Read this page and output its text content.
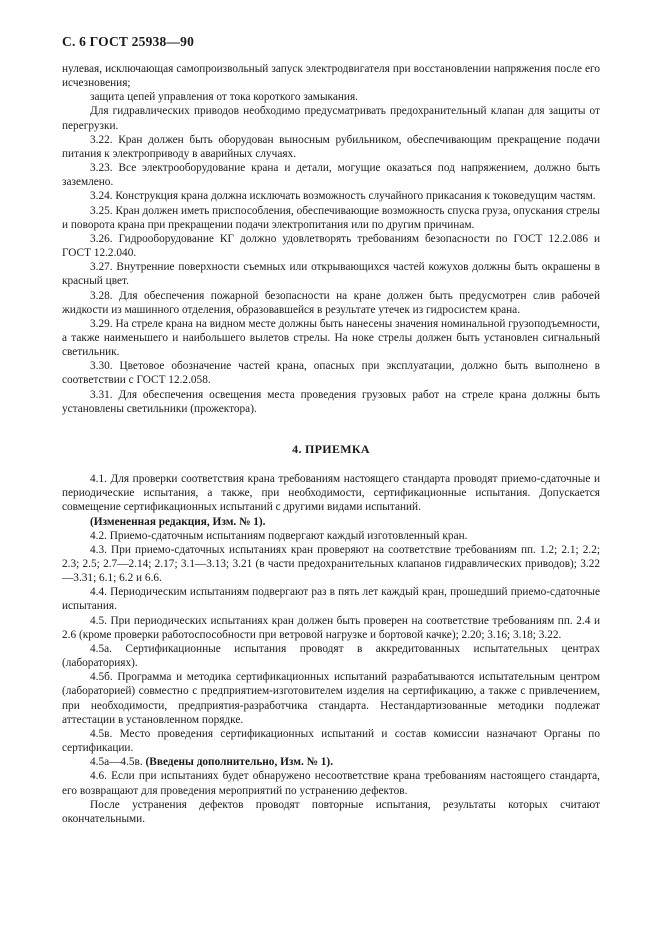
С. 6 ГОСТ 25938—90

нулевая, исключающая самопроизвольный запуск электродвигателя при восстановлении напряжения после его исчезновения;

защита цепей управления от тока короткого замыкания.

Для гидравлических приводов необходимо предусматривать предохранительный клапан для защиты от перегрузки.

3.22. Кран должен быть оборудован выносным рубильником, обеспечивающим прекращение подачи питания к электроприводу в аварийных случаях.

3.23. Все электрооборудование крана и детали, могущие оказаться под напряжением, должно быть заземлено.

3.24. Конструкция крана должна исключать возможность случайного прикасания к токоведущим частям.

3.25. Кран должен иметь приспособления, обеспечивающие возможность спуска груза, опускания стрелы и поворота крана при прекращении подачи электропитания или по другим причинам.

3.26. Гидрооборудование КГ должно удовлетворять требованиям безопасности по ГОСТ 12.2.086 и ГОСТ 12.2.040.

3.27. Внутренние поверхности съемных или открывающихся частей кожухов должны быть окрашены в красный цвет.

3.28. Для обеспечения пожарной безопасности на кране должен быть предусмотрен слив рабочей жидкости из машинного отделения, образовавшейся в результате утечек из гидросистем крана.

3.29. На стреле крана на видном месте должны быть нанесены значения номинальной грузоподъемности, а также наименьшего и наибольшего вылетов стрелы. На ноке стрелы должен быть установлен сигнальный светильник.

3.30. Цветовое обозначение частей крана, опасных при эксплуатации, должно быть выполнено в соответствии с ГОСТ 12.2.058.

3.31. Для обеспечения освещения места проведения грузовых работ на стреле крана должны быть установлены светильники (прожектора).

4. ПРИЕМКА

4.1. Для проверки соответствия крана требованиям настоящего стандарта проводят приемо-сдаточные и периодические испытания, а также, при необходимости, сертификационные испытания. Допускается совмещение сертификационных испытаний с другими видами испытаний.

(Измененная редакция, Изм. № 1).

4.2. Приемо-сдаточным испытаниям подвергают каждый изготовленный кран.

4.3. При приемо-сдаточных испытаниях кран проверяют на соответствие требованиям пп. 1.2; 2.1; 2.2; 2.3; 2.5; 2.7—2.14; 2.17; 3.1—3.13; 3.21 (в части предохранительных клапанов гидравлических приводов); 3.22—3.31; 6.1; 6.2 и 6.6.

4.4. Периодическим испытаниям подвергают раз в пять лет каждый кран, прошедший приемо-сдаточные испытания.

4.5. При периодических испытаниях кран должен быть проверен на соответствие требованиям пп. 2.4 и 2.6 (кроме проверки работоспособности при ветровой нагрузке и бортовой качке); 2.20; 3.16; 3.18; 3.22.

4.5а. Сертификационные испытания проводят в аккредитованных испытательных центрах (лабораториях).

4.5б. Программа и методика сертификационных испытаний разрабатываются испытательным центром (лабораторией) совместно с предприятием-изготовителем изделия на сертификацию, а также с привлечением, при необходимости, предприятия-разработчика стандарта. Нестандартизованные методики подлежат аттестации в установленном порядке.

4.5в. Место проведения сертификационных испытаний и состав комиссии назначают Органы по сертификации.

4.5а—4.5в. (Введены дополнительно, Изм. № 1).

4.6. Если при испытаниях будет обнаружено несоответствие крана требованиям настоящего стандарта, его возвращают для проведения мероприятий по устранению дефектов.

После устранения дефектов проводят повторные испытания, результаты которых считают окончательными.
